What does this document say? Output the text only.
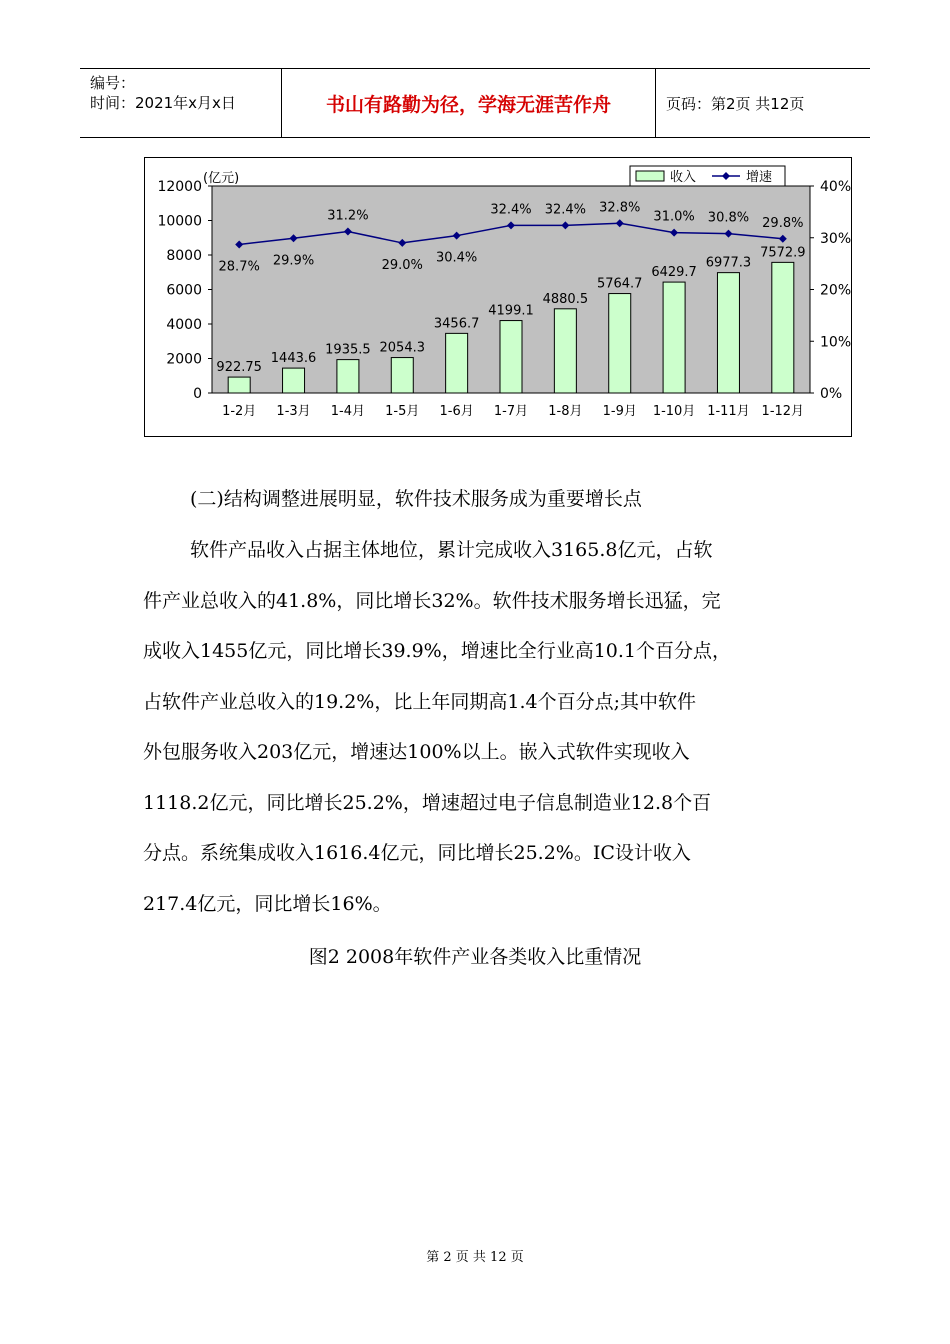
编号：
时间：2021年x月x日	书山有路勤为径，学海无涯苦作舟	页码：第2页 共12页
0
2000
4000
6000
8000
10000
12000
0%
10%
20%
30%
40%
(亿元)
922.75
1443.6
1935.5 2054.3
3456.7
4199.1
4880.5
5764.7
6429.7
6977.3
7572.9
28.7% 29.9%
31.2%
29.0% 30.4%
32.4% 32.4% 32.8%
31.0% 30.8% 29.8%
1-2月 1-3月 1-4月 1-5月 1-6月 1-7月 1-8月 1-9月 1-10月 1-11月 1-12月
收入	增速
(二)结构调整进展明显，软件技术服务成为重要增长点
软件产品收入占据主体地位，累计完成收入3165.8亿元，占软
件产业总收入的41.8%，同比增长32%。软件技术服务增长迅猛，完
成收入1455亿元，同比增长39.9%，增速比全行业高10.1个百分点，
占软件产业总收入的19.2%，比上年同期高1.4个百分点;其中软件
外包服务收入203亿元，增速达100%以上。嵌入式软件实现收入
1118.2亿元，同比增长25.2%，增速超过电子信息制造业12.8个百
分点。系统集成收入1616.4亿元，同比增长25.2%。IC设计收入
217.4亿元，同比增长16%。
图2 2008年软件产业各类收入比重情况
第 2 页 共 12 页
